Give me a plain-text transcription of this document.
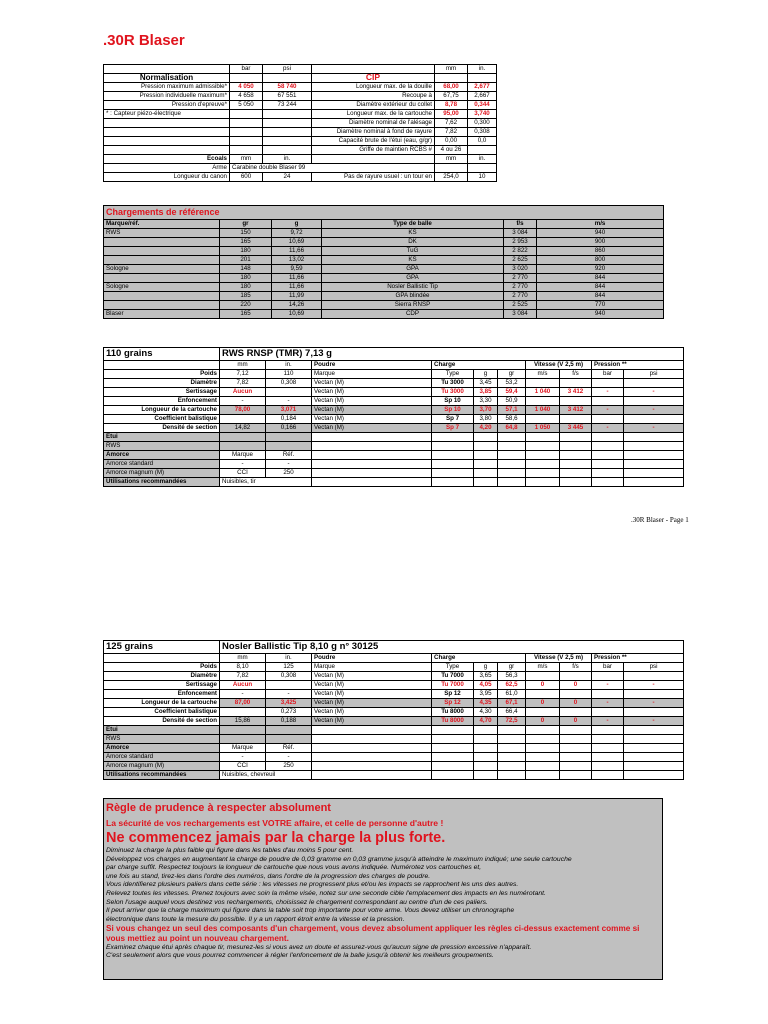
.30R Blaser
	bar	psi		mm	in.
Normalisation			CIP		
Pression maximum admissible*	4 050	58 740	Longueur max. de la douille	68,00	2,677
Pression individuelle maximum*	4 658	67 551	Recoupe à	67,75	2,667
Pression d'epreuve*	5 050	73 244	Diamètre extérieur du collet	8,78	0,344
* : Capteur piézo-électrique			Longueur max. de la cartouche	95,00	3,740
			Diamètre nominal de l'alésage	7,62	0,300
			Diamètre nominal à fond de rayure	7,82	0,308
			Capacité brute de l'étui (eau, g/gr)	0,00	0,0
			Griffe de maintien RCBS #	4 ou 26	
Ecoals	mm	in.		mm	in.
Arme	Carabine double Blaser 99				
Longueur du canon	600	24	Pas de rayure usuel : un tour en	254,0	10
Chargements de référence					
Marque/réf.	gr	g	Type de balle	f/s	m/s
RWS	150	9,72	KS	3 084	940
	165	10,69	DK	2 953	900
	180	11,66	TuG	2 822	860
	201	13,02	KS	2 625	800
Sologne	148	9,59	GPA	3 020	920
	180	11,66	GPA	2 770	844
Sologne	180	11,66	Nosler Ballistic Tip	2 770	844
	185	11,99	GPA blindée	2 770	844
	220	14,26	Sierra RNSP	2 525	770
Blaser	165	10,69	CDP	3 084	940
110 grains	RWS RNSP (TMR) 7,13 g									
	mm	in.	Poudre	Charge			Vitesse (V 2,5 m)		Pression **	
Poids	7,12	110	Marque	Type	g	gr	m/s	f/s	bar	psi
Diamètre	7,82	0,308	Vectan (M)	Tu 3000	3,45	53,2				
Sertissage	Aucun		Vectan (M)	Tu 3000	3,85	59,4	1 040	3 412	-	-
Enfoncement	-	-	Vectan (M)	Sp 10	3,30	50,9				
Longueur de la cartouche	78,00	3,071	Vectan (M)	Sp 10	3,70	57,1	1 040	3 412	-	-
Coefficient balistique		0,184	Vectan (M)	Sp 7	3,80	58,6				
Densité de section	14,82	0,166	Vectan (M)	Sp 7	4,20	64,8	1 050	3 445	-	-
Etui										
RWS										
Amorce	Marque	Réf.								
Amorce standard	-	-								
Amorce magnum (M)	CCI	250								
Utilisations recommandées	Nuisibles, tir									
.30R Blaser - Page 1
125 grains	Nosler Ballistic Tip 8,10 g n° 30125									
	mm	in.	Poudre	Charge			Vitesse (V 2,5 m)		Pression **	
Poids	8,10	125	Marque	Type	g	gr	m/s	f/s	bar	psi
Diamètre	7,82	0,308	Vectan (M)	Tu 7000	3,65	56,3				
Sertissage	Aucun		Vectan (M)	Tu 7000	4,05	62,5	0	0	-	-
Enfoncement	-	-	Vectan (M)	Sp 12	3,95	61,0				
Longueur de la cartouche	87,00	3,425	Vectan (M)	Sp 12	4,35	67,1	0	0	-	-
Coefficient balistique		0,273	Vectan (M)	Tu 8000	4,30	66,4				
Densité de section	15,86	0,188	Vectan (M)	Tu 8000	4,70	72,5	0	0	-	-
Etui										
RWS										
Amorce	Marque	Réf.								
Amorce standard	-	-								
Amorce magnum (M)	CCI	250								
Utilisations recommandées	Nuisibles, chevreuil									
Règle de prudence à respecter absolument
La sécurité de vos rechargements est VOTRE affaire, et celle de personne d'autre !
Ne commencez jamais par la charge la plus forte.
Diminuez la charge la plus faible qui figure dans les tables d'au moins 5 pour cent.
Développez vos charges en augmentant la charge de poudre de 0,03 gramme en 0,03 gramme jusqu'à atteindre le maximum indiqué; une seule cartouche
par charge suffit. Respectez toujours la longueur de cartouche que nous vous avons indiquée. Numérotez vos cartouches et,
une fois au stand, tirez-les dans l'ordre des numéros, dans l'ordre de la progression des charges de poudre.
Vous identifierez plusieurs paliers dans cette série : les vitesses ne progressent plus et/ou les impacts se rapprochent les uns des autres.
Relevez toutes les vitesses. Prenez toujours avec soin la même visée, notez sur une seconde cible l'emplacement des impacts en les numérotant.
Selon l'usage auquel vous destinez vos rechargements, choisissez le chargement correspondant au centre d'un de ces paliers.
Il peut arriver que la charge maximum qui figure dans la table soit trop importante pour votre arme. Vous devez utiliser un chronographe
électronique dans toute la mesure du possible. Il y a un rapport étroit entre la vitesse et la pression.
Si vous changez un seul des composants d'un chargement, vous devez absolument appliquer les règles ci-dessus exactement comme si vous mettiez au point un nouveau chargement.
Examinez chaque étui après chaque tir, mesurez-les si vous avez un doute et assurez-vous qu'aucun signe de pression excessive n'apparaît.
C'est seulement alors que vous pourrez commencer à régler l'enfoncement de la balle jusqu'à obtenir les meilleurs groupements.
